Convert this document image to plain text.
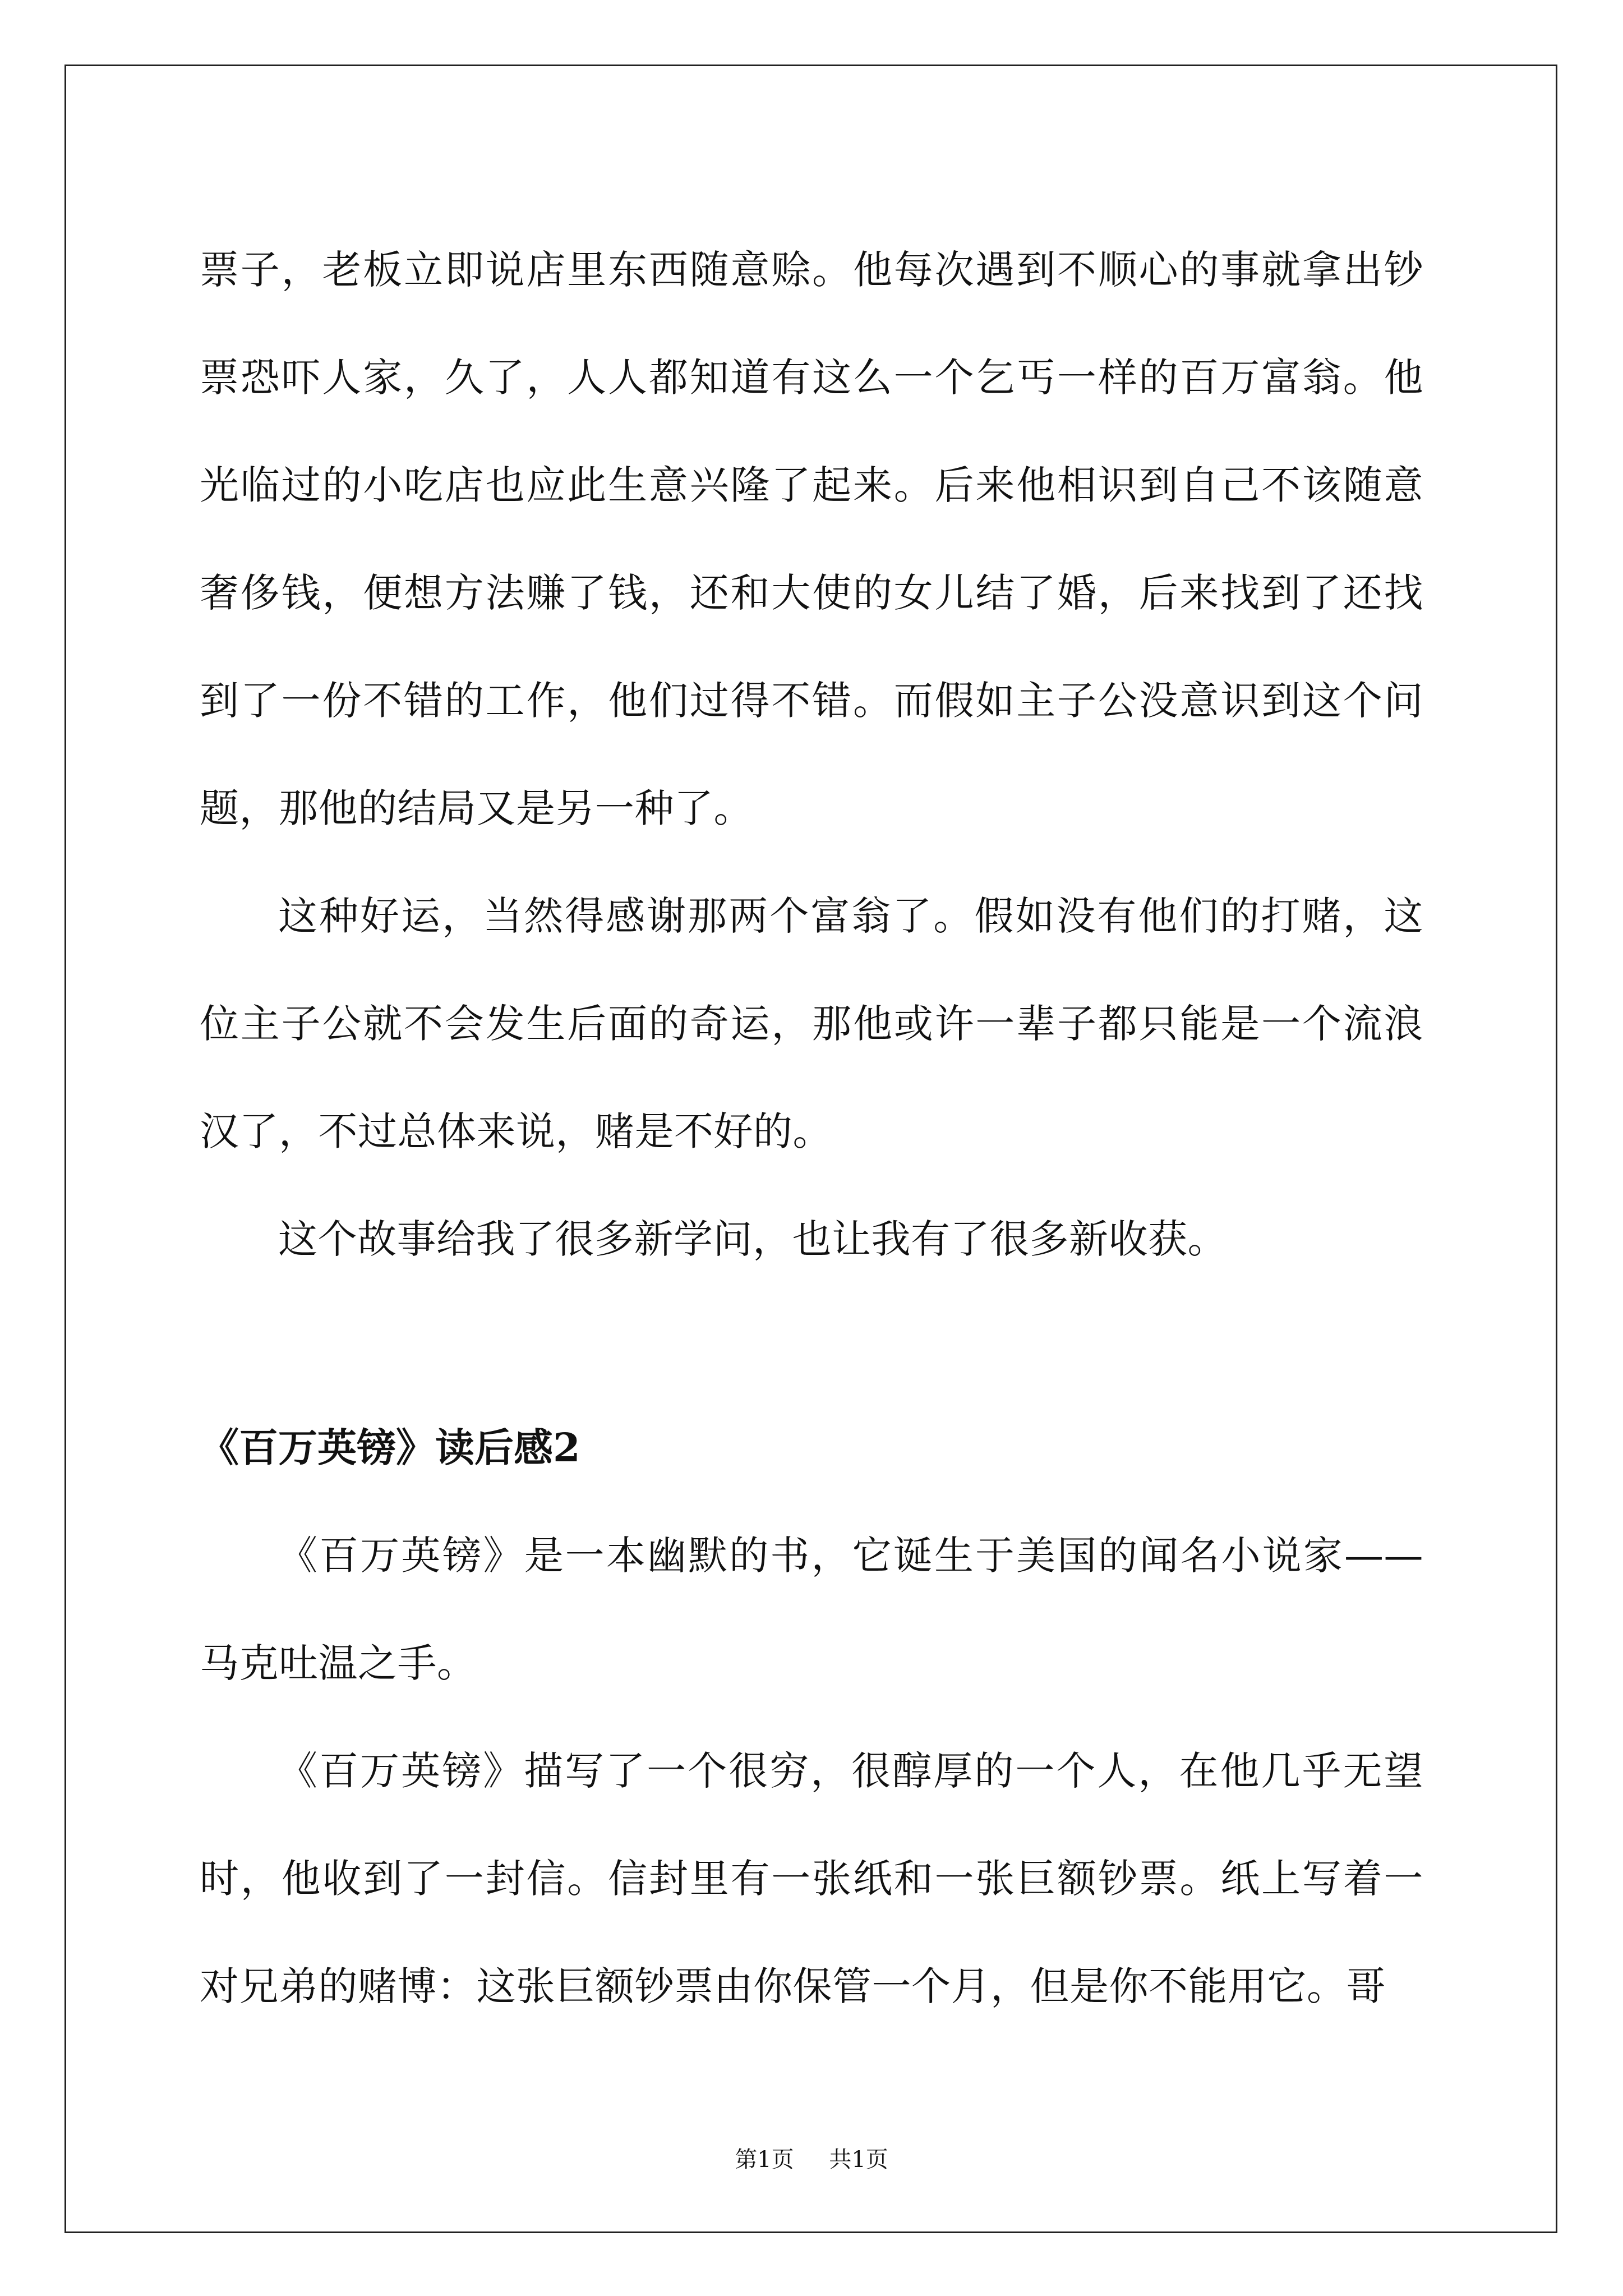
票子，老板立即说店里东西随意赊。他每次遇到不顺心的事就拿出钞票恐吓人家，久了，人人都知道有这么一个乞丐一样的百万富翁。他光临过的小吃店也应此生意兴隆了起来。后来他相识到自己不该随意奢侈钱，便想方法赚了钱，还和大使的女儿结了婚，后来找到了还找到了一份不错的工作，他们过得不错。而假如主子公没意识到这个问题，那他的结局又是另一种了。

这种好运，当然得感谢那两个富翁了。假如没有他们的打赌，这位主子公就不会发生后面的奇运，那他或许一辈子都只能是一个流浪汉了，不过总体来说，赌是不好的。

这个故事给我了很多新学问，也让我有了很多新收获。

《百万英镑》读后感2

《百万英镑》是一本幽默的书，它诞生于美国的闻名小说家——马克吐温之手。

《百万英镑》描写了一个很穷，很醇厚的一个人，在他几乎无望时，他收到了一封信。信封里有一张纸和一张巨额钞票。纸上写着一对兄弟的赌博：这张巨额钞票由你保管一个月，但是你不能用它。哥

第1页 共1页
